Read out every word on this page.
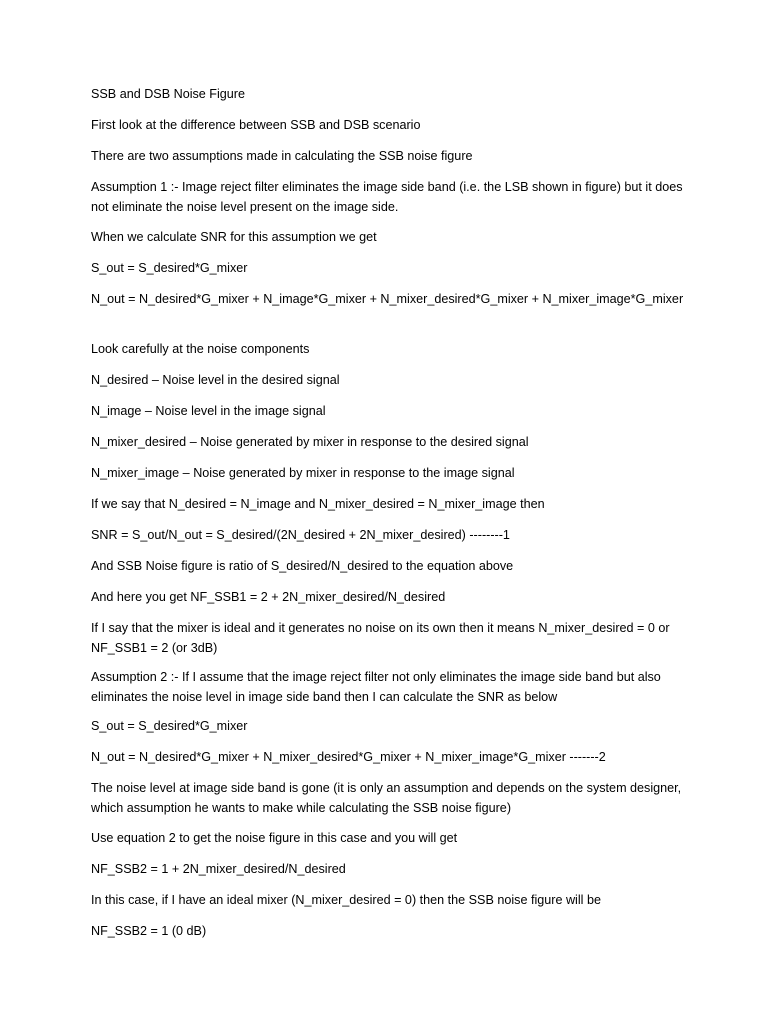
SSB and DSB Noise Figure

First look at the difference between SSB and DSB scenario

There are two assumptions made in calculating the SSB noise figure

Assumption 1 :- Image reject filter eliminates the image side band (i.e. the LSB shown in figure) but it does not eliminate the noise level present on the image side.

When we calculate SNR for this assumption we get

S_out = S_desired*G_mixer

N_out = N_desired*G_mixer + N_image*G_mixer + N_mixer_desired*G_mixer + N_mixer_image*G_mixer

Look carefully at the noise components

N_desired – Noise level in the desired signal

N_image – Noise level in the image signal

N_mixer_desired – Noise generated by mixer in response to the desired signal

N_mixer_image – Noise generated by mixer in response to the image signal

If we say that N_desired = N_image and N_mixer_desired = N_mixer_image then

SNR = S_out/N_out = S_desired/(2N_desired + 2N_mixer_desired) --------1

And SSB Noise figure is ratio of S_desired/N_desired to the equation above

And here you get NF_SSB1 = 2 + 2N_mixer_desired/N_desired

If I say that the mixer is ideal and it generates no noise on its own then it means N_mixer_desired = 0 or NF_SSB1 = 2 (or 3dB)

Assumption 2 :- If I assume that the image reject filter not only eliminates the image side band but also eliminates the noise level in image side band then I can calculate the SNR as below

S_out = S_desired*G_mixer

N_out = N_desired*G_mixer + N_mixer_desired*G_mixer + N_mixer_image*G_mixer -------2

The noise level at image side band is gone (it is only an assumption and depends on the system designer, which assumption he wants to make while calculating the SSB noise figure)

Use equation 2 to get the noise figure in this case and you will get

NF_SSB2 = 1 + 2N_mixer_desired/N_desired

In this case, if I have an ideal mixer (N_mixer_desired = 0) then the SSB noise figure will be

NF_SSB2 = 1 (0 dB)
